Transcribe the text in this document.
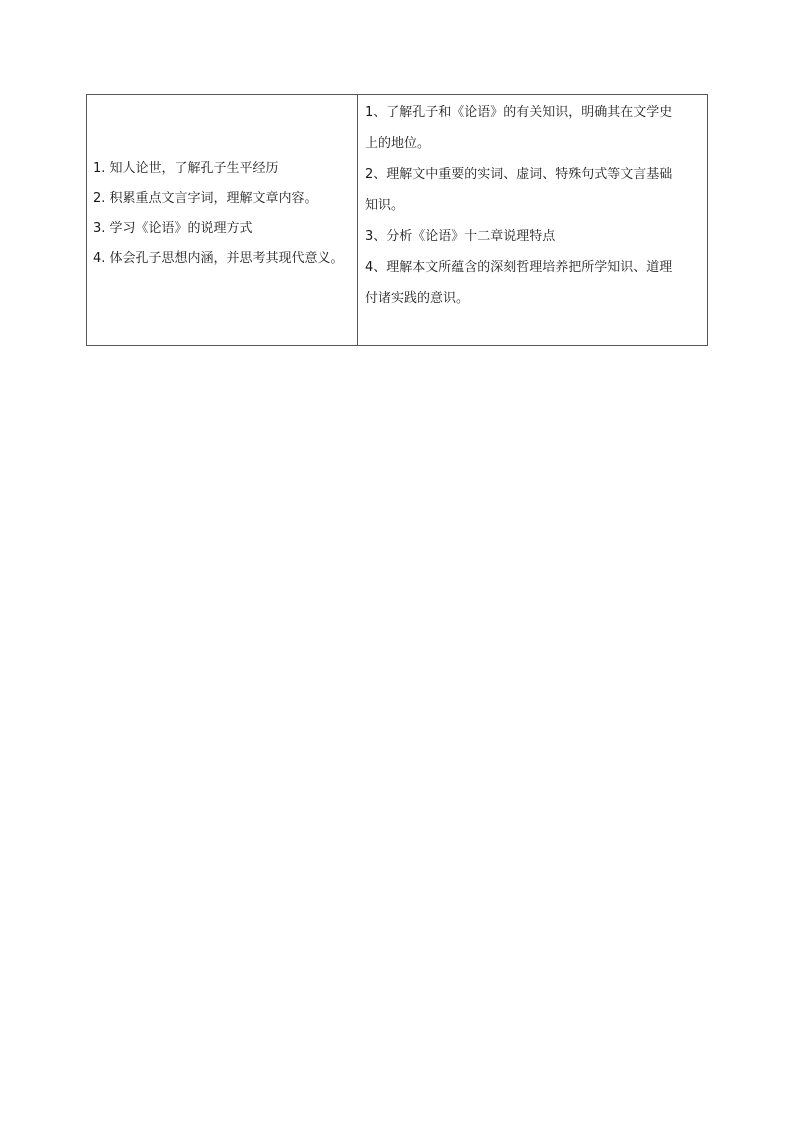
1. 知人论世，了解孔子生平经历
2. 积累重点文言字词，理解文章内容。
3. 学习《论语》的说理方式
4. 体会孔子思想内涵，并思考其现代意义。
1、了解孔子和《论语》的有关知识，明确其在文学史
上的地位。
2、理解文中重要的实词、虚词、特殊句式等文言基础
知识。
3、分析《论语》十二章说理特点
4、理解本文所蕴含的深刻哲理培养把所学知识、道理
付诸实践的意识。
